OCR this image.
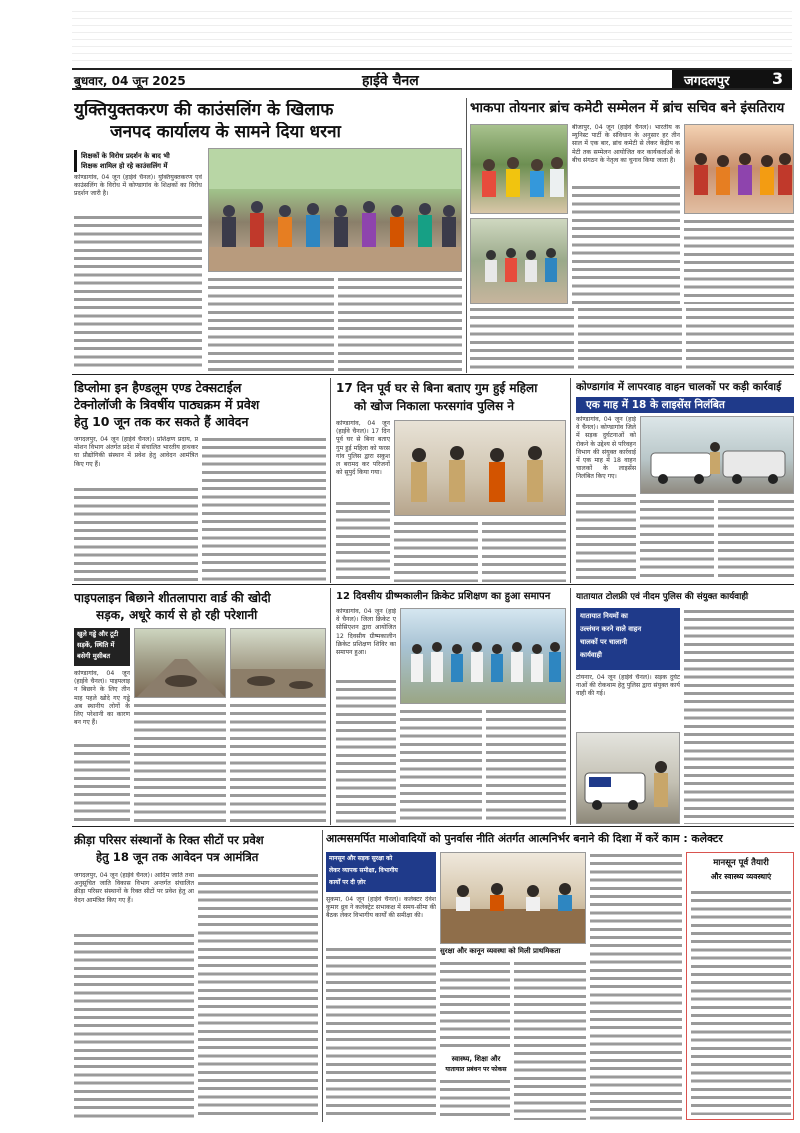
बुधवार, 04 जून 2025	हाईवे चैनल	जगदलपुर	3
युक्तियुक्तकरण की काउंसलिंग के खिलाफ
जनपद कार्यालय के सामने दिया धरना
शिक्षकों के विरोध प्रदर्शन के बाद भी
शिक्षक शामिल हो रहे काउंसलिंग में
कोण्डागांव, 04 जून (हाईवे चैनल)। युक्तियुक्तकरण एवं काउंसलिंग के विरोध में कोण्डागांव के शिक्षकों का विरोध प्रदर्शन जारी है।
भाकपा तोयनार ब्रांच कमेटी सम्मेलन में ब्रांच सचिव बने इंसतिराय
बीजापुर, 04 जून (हाईवे चैनल)। भारतीय कम्युनिस्ट पार्टी के संविधान के अनुसार हर तीन साल में एक बार, ब्रांच कमेटी से लेकर केंद्रीय कमेटी तक सम्मेलन आयोजित कर कार्यकर्ताओं के बीच संगठन के नेतृत्व का चुनाव किया जाता है।
डिप्लोमा इन हैण्डलूम एण्ड टेक्सटाईल
टेक्नोलॉजी के त्रिवर्षीय पाठ्यक्रम में प्रवेश
हेतु 10 जून तक कर सकते हैं आवेदन
जगदलपुर, 04 जून (हाईवे चैनल)। प्रशिक्षण प्रदाय, प्रमोशन विभाग अंतर्गत प्रदेश में संचालित भारतीय हाथकरघा प्रौद्योगिकी संस्थान में प्रवेश हेतु आवेदन आमंत्रित किए गए हैं।
17 दिन पूर्व घर से बिना बताए गुम हुई महिला
को खोज निकाला फरसगांव पुलिस ने
कोण्डागांव, 04 जून (हाईवे चैनल)। 17 दिन पूर्व घर से बिना बताए गुम हुई महिला को फरसगांव पुलिस द्वारा सकुशल बरामद कर परिजनों को सुपुर्द किया गया।
कोण्डागांव में लापरवाह वाहन चालकों पर कड़ी कार्रवाई
एक माह में 18 के लाइसेंस निलंबित
कोण्डागांव, 04 जून (हाईवे चैनल)। कोण्डागांव जिले में सड़क दुर्घटनाओं को रोकने के उद्देश्य से परिवहन विभाग की संयुक्त कार्रवाई में एक माह में 18 वाहन चालकों के लाइसेंस निलंबित किए गए।
पाइपलाइन बिछाने शीतलापारा वार्ड की खोदी
सड़क, अधूरे कार्य से हो रही परेशानी
खुले गड्ढे और टूटी
सड़कें, स्थिति में
बसेगी मुसीबत
कोण्डागांव, 04 जून (हाईवे चैनल)। पाइपलाइन बिछाने के लिए तीन माह पहले खोदे गए गड्ढे अब स्थानीय लोगों के लिए परेशानी का कारण बन गए हैं।
12 दिवसीय ग्रीष्मकालीन क्रिकेट प्रशिक्षण का हुआ समापन
कोण्डागांव, 04 जून (हाईवे चैनल)। जिला क्रिकेट एसोसिएशन द्वारा आयोजित 12 दिवसीय ग्रीष्मकालीन क्रिकेट प्रशिक्षण शिविर का समापन हुआ।
यातायात टोलफ्री एवं नीदम पुलिस की संयुक्त कार्यवाही
यातायात नियमों का
उल्लंघन करने वाले वाहन
चालकों पर चालानी
कार्यवाही
टोयनार, 04 जून (हाईवे चैनल)। सड़क दुर्घटनाओं की रोकथाम हेतु पुलिस द्वारा संयुक्त कार्यवाही की गई।
क्रीड़ा परिसर संस्थानों के रिक्त सीटों पर प्रवेश
हेतु 18 जून तक आवेदन पत्र आमंत्रित
जगदलपुर, 04 जून (हाईवे चैनल)। आदिम जाति तथा अनुसूचित जाति विकास विभाग अन्तर्गत संचालित क्रीड़ा परिसर संस्थानों के रिक्त सीटों पर प्रवेश हेतु आवेदन आमंत्रित किए गए हैं।
आत्मसमर्पित माओवादियों को पुनर्वास नीति अंतर्गत आत्मनिर्भर बनाने की दिशा में करें काम : कलेक्टर
मानसून और सड़क सुरक्षा को
लेकर व्यापक समीक्षा, विभागीय
कार्यों पर दी ज़ोर
सुकमा, 04 जून (हाईवे चैनल)। कलेक्टर देवेश कुमार ध्रुव ने कलेक्ट्रेट सभाकक्ष में समय-सीमा की बैठक लेकर विभागीय कार्यों की समीक्षा की।
सुरक्षा और कानून व्यवस्था को मिली प्राथमिकता
स्वास्थ्य, शिक्षा और
यातायात प्रबंधन पर फोकस
मानसून पूर्व तैयारी
और स्वास्थ्य व्यवस्थाएं
